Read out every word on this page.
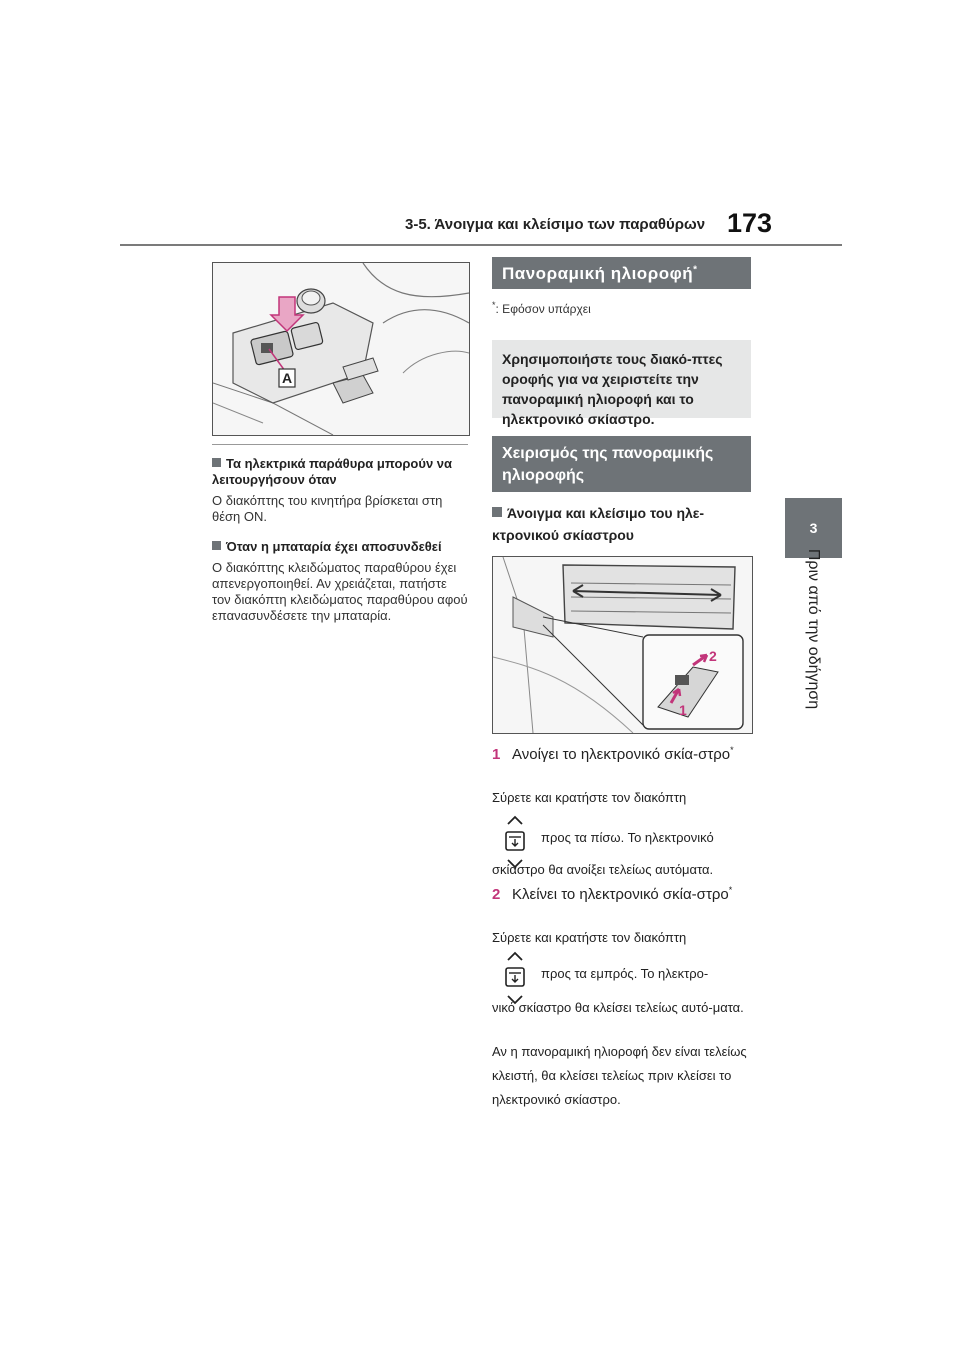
3-5. Άνοιγμα και κλείσιμο των παραθύρων 173
3
Πριν από την οδήγηση
A
Τα ηλεκτρικά παράθυρα μπορούν να λειτουργήσουν όταν
Ο διακόπτης του κινητήρα βρίσκεται στη θέση ON.
Όταν η μπαταρία έχει αποσυνδεθεί
Ο διακόπτης κλειδώματος παραθύρου έχει απενεργοποιηθεί. Αν χρειάζεται, πατήστε τον διακόπτη κλειδώματος παραθύρου αφού επανασυνδέσετε την μπαταρία.
Πανοραμική ηλιοροφή*
*: Εφόσον υπάρχει
Χρησιμοποιήστε τους διακό-πτες οροφής για να χειριστείτε την πανοραμική ηλιοροφή και το ηλεκτρονικό σκίαστρο.
Χειρισμός της πανοραμικής ηλιοροφής
Άνοιγμα και κλείσιμο του ηλε-κτρονικού σκίαστρου
2
1
1 Ανοίγει το ηλεκτρονικό σκία-στρο*
Σύρετε και κρατήστε τον διακόπτη
προς τα πίσω. Το ηλεκτρονικό
σκίαστρο θα ανοίξει τελείως αυτόματα.
2 Κλείνει το ηλεκτρονικό σκία-στρο*
Σύρετε και κρατήστε τον διακόπτη
προς τα εμπρός. Το ηλεκτρο-
νικό σκίαστρο θα κλείσει τελείως αυτό-ματα.
Αν η πανοραμική ηλιοροφή δεν είναι τελείως κλειστή, θα κλείσει τελείως πριν κλείσει το ηλεκτρονικό σκίαστρο.
